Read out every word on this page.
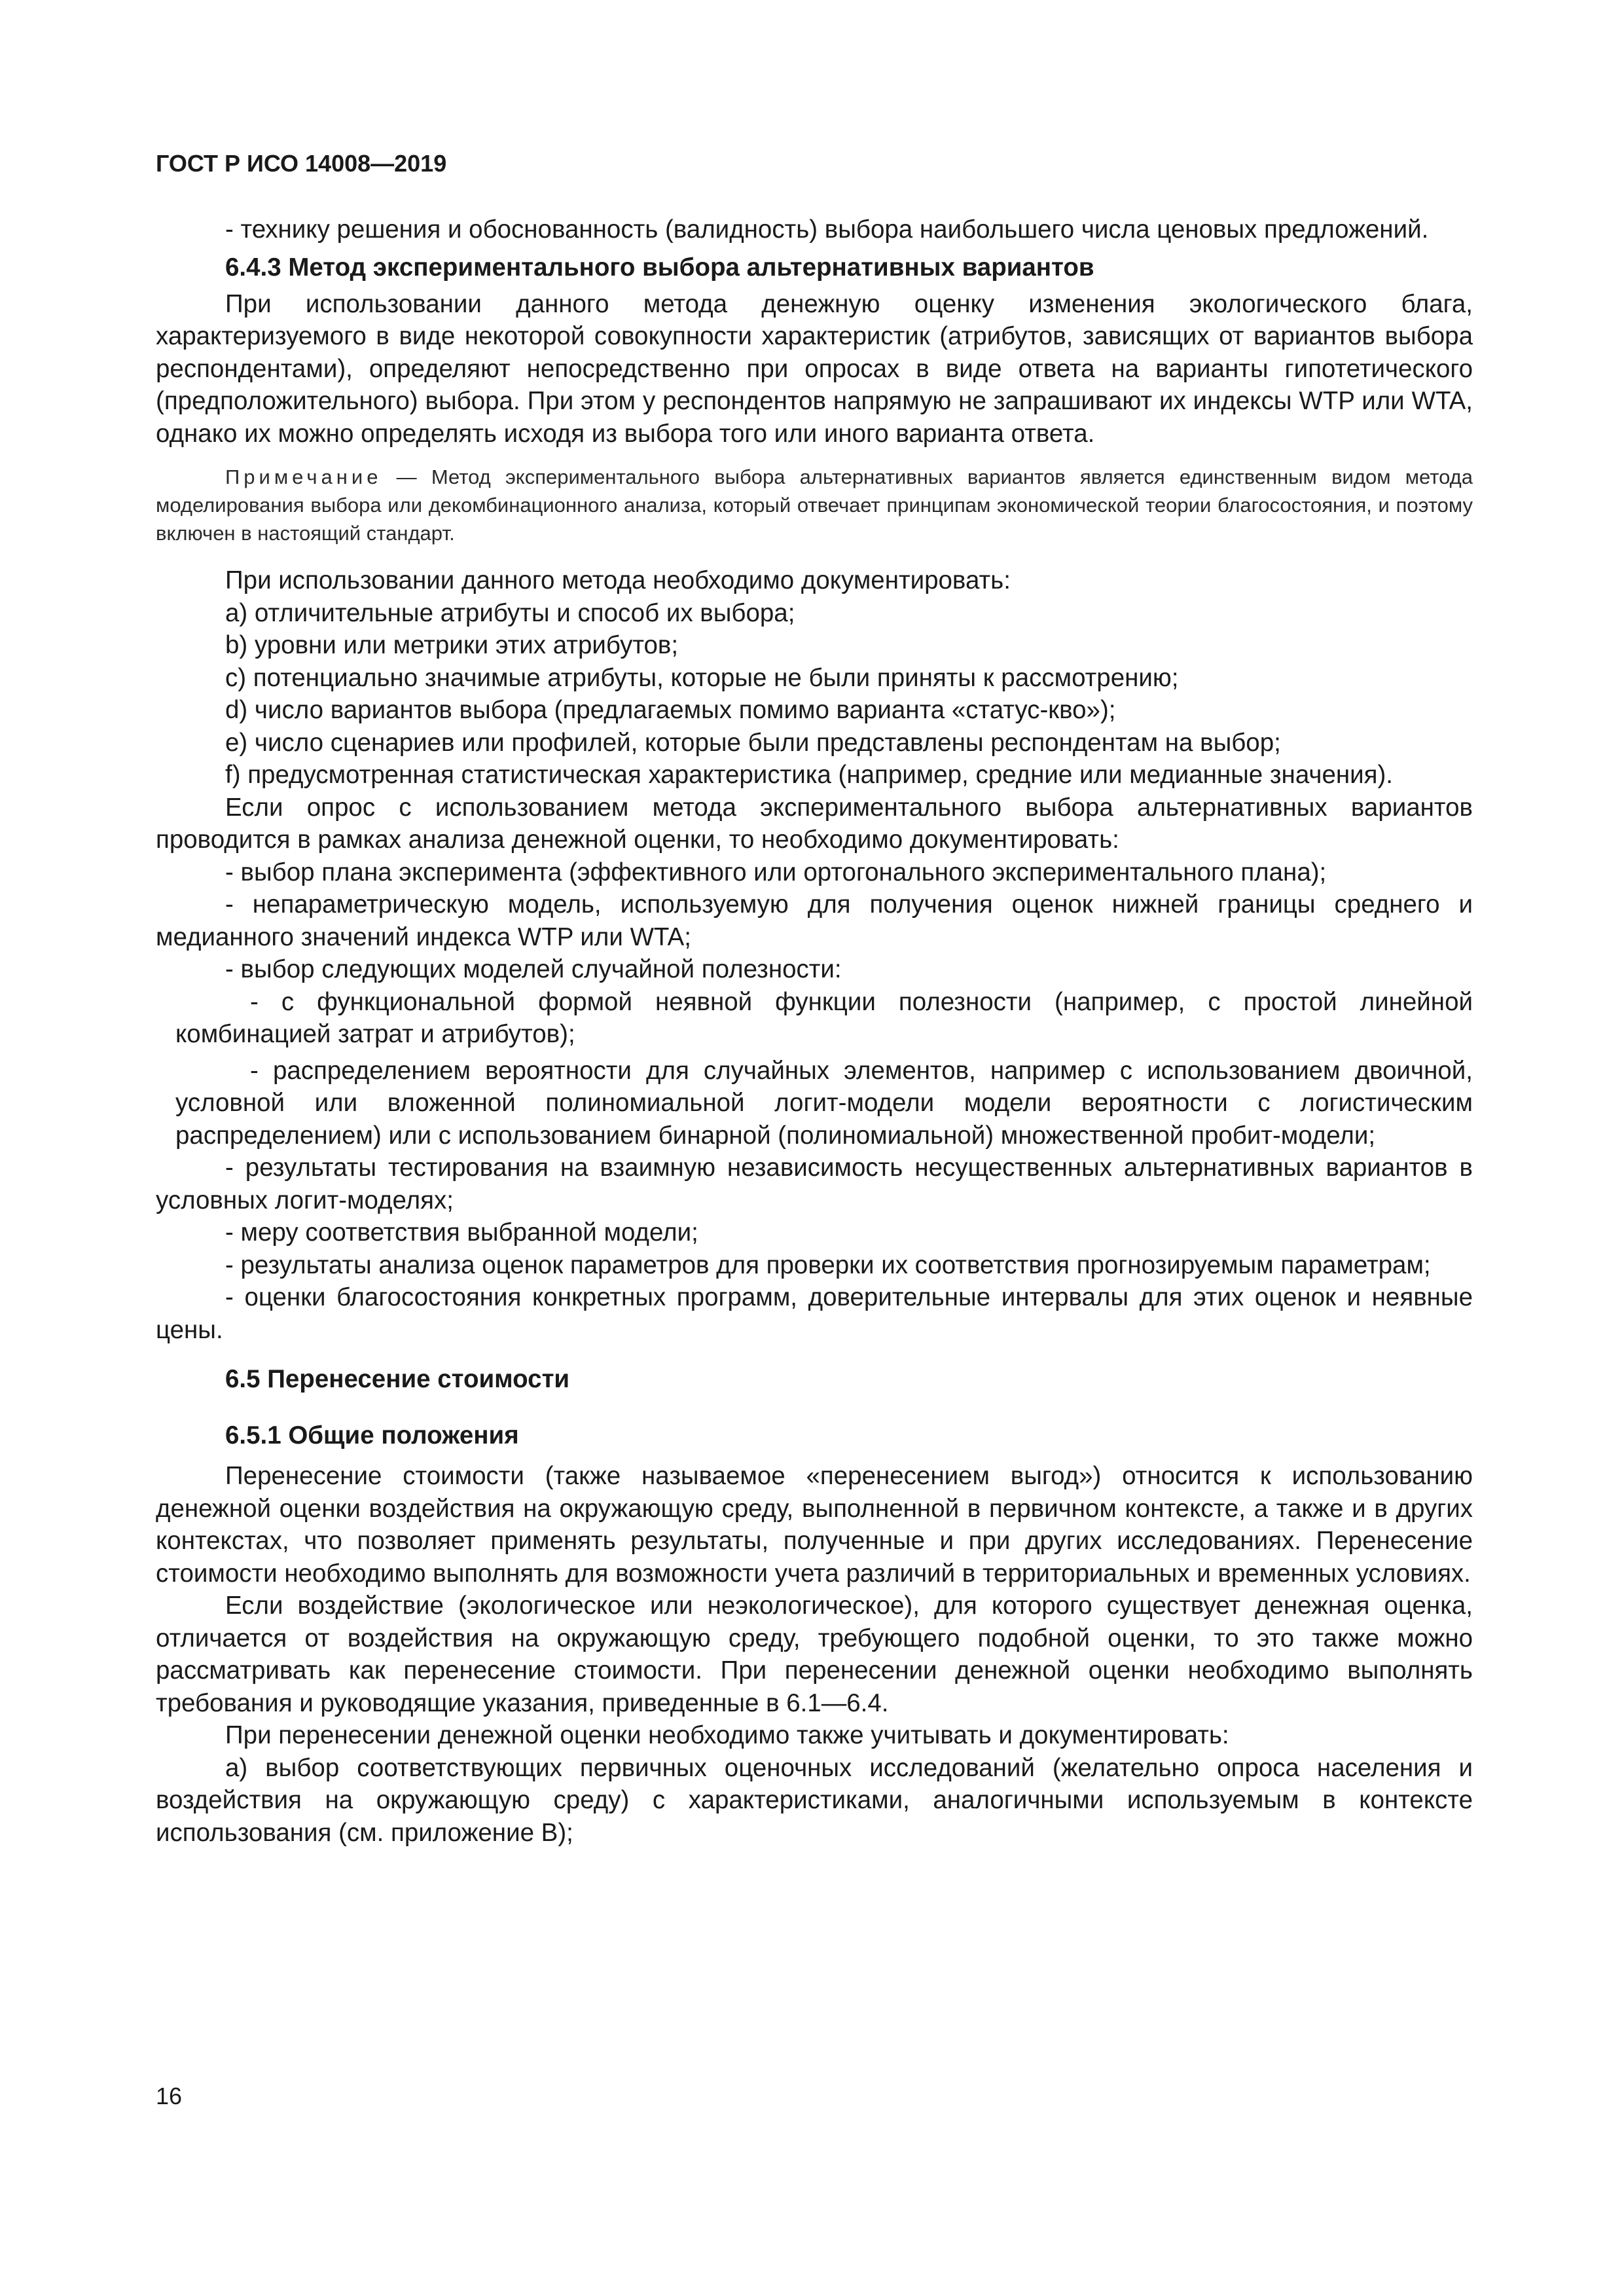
ГОСТ Р ИСО 14008—2019

- технику решения и обоснованность (валидность) выбора наибольшего числа ценовых предложений.

6.4.3 Метод экспериментального выбора альтернативных вариантов

При использовании данного метода денежную оценку изменения экологического блага, характеризуемого в виде некоторой совокупности характеристик (атрибутов, зависящих от вариантов выбора респондентами), определяют непосредственно при опросах в виде ответа на варианты гипотетического (предположительного) выбора. При этом у респондентов напрямую не запрашивают их индексы WTP или WTA, однако их можно определять исходя из выбора того или иного варианта ответа.

Примечание — Метод экспериментального выбора альтернативных вариантов является единственным видом метода моделирования выбора или декомбинационного анализа, который отвечает принципам экономической теории благосостояния, и поэтому включен в настоящий стандарт.

При использовании данного метода необходимо документировать:

a) отличительные атрибуты и способ их выбора;

b) уровни или метрики этих атрибутов;

c) потенциально значимые атрибуты, которые не были приняты к рассмотрению;

d) число вариантов выбора (предлагаемых помимо варианта «статус-кво»);

e) число сценариев или профилей, которые были представлены респондентам на выбор;

f) предусмотренная статистическая характеристика (например, средние или медианные значения).

Если опрос с использованием метода экспериментального выбора альтернативных вариантов проводится в рамках анализа денежной оценки, то необходимо документировать:

- выбор плана эксперимента (эффективного или ортогонального экспериментального плана);

- непараметрическую модель, используемую для получения оценок нижней границы среднего и медианного значений индекса WTP или WTA;

- выбор следующих моделей случайной полезности:

- с функциональной формой неявной функции полезности (например, с простой линейной комбинацией затрат и атрибутов);

- распределением вероятности для случайных элементов, например с использованием двоичной, условной или вложенной полиномиальной логит-модели модели вероятности с логистическим распределением) или с использованием бинарной (полиномиальной) множественной пробит-модели;

- результаты тестирования на взаимную независимость несущественных альтернативных вариантов в условных логит-моделях;

- меру соответствия выбранной модели;

- результаты анализа оценок параметров для проверки их соответствия прогнозируемым параметрам;

- оценки благосостояния конкретных программ, доверительные интервалы для этих оценок и неявные цены.

6.5 Перенесение стоимости
6.5.1 Общие положения

Перенесение стоимости (также называемое «перенесением выгод») относится к использованию денежной оценки воздействия на окружающую среду, выполненной в первичном контексте, а также и в других контекстах, что позволяет применять результаты, полученные и при других исследованиях. Перенесение стоимости необходимо выполнять для возможности учета различий в территориальных и временных условиях.

Если воздействие (экологическое или неэкологическое), для которого существует денежная оценка, отличается от воздействия на окружающую среду, требующего подобной оценки, то это также можно рассматривать как перенесение стоимости. При перенесении денежной оценки необходимо выполнять требования и руководящие указания, приведенные в 6.1—6.4.

При перенесении денежной оценки необходимо также учитывать и документировать:

a) выбор соответствующих первичных оценочных исследований (желательно опроса населения и воздействия на окружающую среду) с характеристиками, аналогичными используемым в контексте использования (см. приложение В);

16
